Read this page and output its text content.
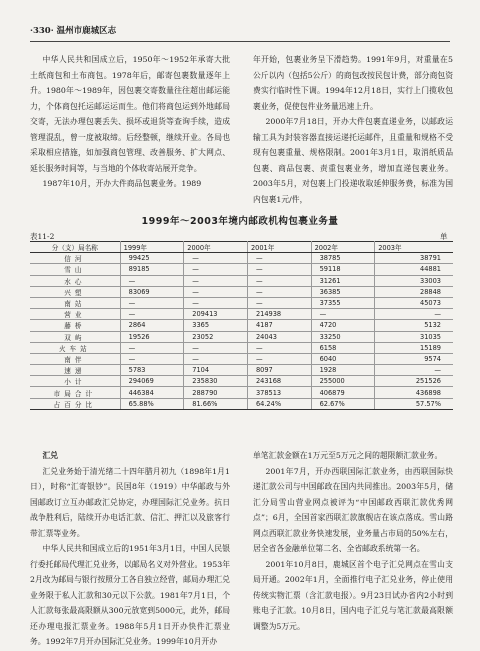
·330· 温州市鹿城区志

中华人民共和国成立后，1950年～1952年承寄大批土纸商包和土布商包。1978年后，邮寄包裹数量逐年上升。1980年～1989年，因包裹交寄数量往往超出邮运能力，个体商包托运邮运运而生。他们将商包运到外地邮局交寄，无法办理包裹丢失、损坏或退货等查询手续，造成管理混乱，曾一度被取缔。后经整顿，继续开业。各局也采取相应措施，如加强商包管理、改善服务、扩大网点、延长服务时间等，与当地的个体收寄站展开竞争。

1987年10月，开办大件商品包裹业务。1989

年开始，包裹业务呈下滑趋势。1991年9月，对重量在5公斤以内（包括5公斤）的商包改按民包计费，部分商包资费实行临时性下调。1994年12月18日，实行上门揽收包裹业务，促使包件业务量迅速上升。

2000年7月18日，开办大件包裹直递业务，以邮政运输工具为封装容器直接运递托运邮件，且重量和规格不受现有包裹重量、规格限制。2001年3月1日，取消纸质品包裹、商品包裹、责重包裹业务，增加直递包裹业务。2003年5月，对包裹上门投递收取延伸服务费，标准为国内包裹1元/件，

1999年～2003年境内邮政机构包裹业务量
表11-2	单
分（支）局名称	1999年	2000年	2001年	2002年	2003年
信河	99425	—	—	38785	38791
雪山	89185	—	—	59118	44881
水心	—	—	—	31261	33003
兴塑	83069	—	—	36385	28848
南站	—	—	—	37355	45073
营业	—	209413	214938	—	—
藤桥	2864	3365	4187	4720	5132
双屿	19526	23052	24043	33250	31035
火车站	—	—	—	6158	15189
南伴	—	—	—	6040	9574
速递	5783	7104	8097	1928	—
小计	294069	235830	243168	255000	251526
市局合计	446384	288790	378513	406879	436898
占百分比	65.88%	81.66%	64.24%	62.67%	57.57%

汇兑

汇兑业务始于清光绪二十四年腊月初九（1898年1月1日），时称“汇寄银钞”。民国8年（1919）中华邮政与外国邮政订立互办邮政汇兑协定，办理国际汇兑业务。抗日战争胜利后，陆续开办电话汇款、信汇、押汇以及旅客行带汇票等业务。

中华人民共和国成立后的1951年3月1日，中国人民银行委托邮局代理汇兑业务，以邮局名义对外营业。1953年2月改为邮局与银行按照分工各自独立经营，邮局办理汇兑业务限于私人汇款和30元以下公款。1981年7月1日，个人汇款每张最高限额从300元放宽到5000元，此外，邮局还办理电报汇票业务。1988年5月1日开办快件汇票业务。1992年7月开办国际汇兑业务。1999年10月开办

单笔汇款金额在1万元至5万元之间的超限额汇款业务。

2001年7月，开办西联国际汇款业务，由西联国际快递汇款公司与中国邮政在国内共同推出。2003年5月，储汇分局雪山营业网点被评为“中国邮政西联汇款优秀网点”；6月，全国首家西联汇款旗舰店在该点落成。雪山路网点西联汇款业务快速发展，业务量占市局的50%左右，居全省各金融单位第二名、全省邮政系统第一名。

2001年10月8日，鹿城区首个电子汇兑网点在雪山支局开通。2002年1月，全面推行电子汇兑业务，停止使用传统实物汇票（含汇款电报）。9月23日试办省内2小时到账电子汇款。10月8日，国内电子汇兑与笔汇款最高限额调整为5万元。
